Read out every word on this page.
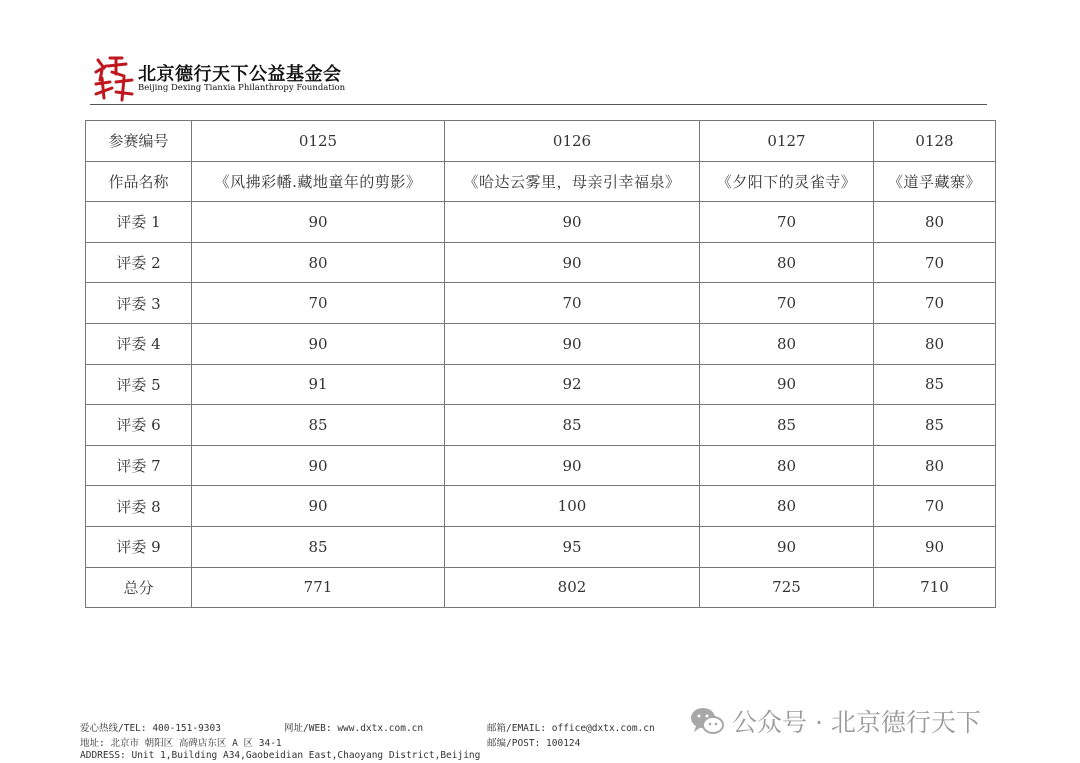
北京德行天下公益基金会
Beijing Dexing Tianxia Philanthropy Foundation
参赛编号	0125	0126	0127	0128
作品名称	《风拂彩幡.藏地童年的剪影》	《哈达云雾里，母亲引幸福泉》	《夕阳下的灵雀寺》	《道孚藏寨》
评委 1	90	90	70	80
评委 2	80	90	80	70
评委 3	70	70	70	70
评委 4	90	90	80	80
评委 5	91	92	90	85
评委 6	85	85	85	85
评委 7	90	90	80	80
评委 8	90	100	80	70
评委 9	85	95	90	90
总分	771	802	725	710
爱心热线/TEL: 400-151-9303	网址/WEB: www.dxtx.com.cn	邮箱/EMAIL: office@dxtx.com.cn
地址: 北京市 朝阳区 高碑店东区 A 区 34-1	邮编/POST: 100124
ADDRESS: Unit 1,Building A34,Gaobeidian East,Chaoyang District,Beijing
公众号 · 北京德行天下
